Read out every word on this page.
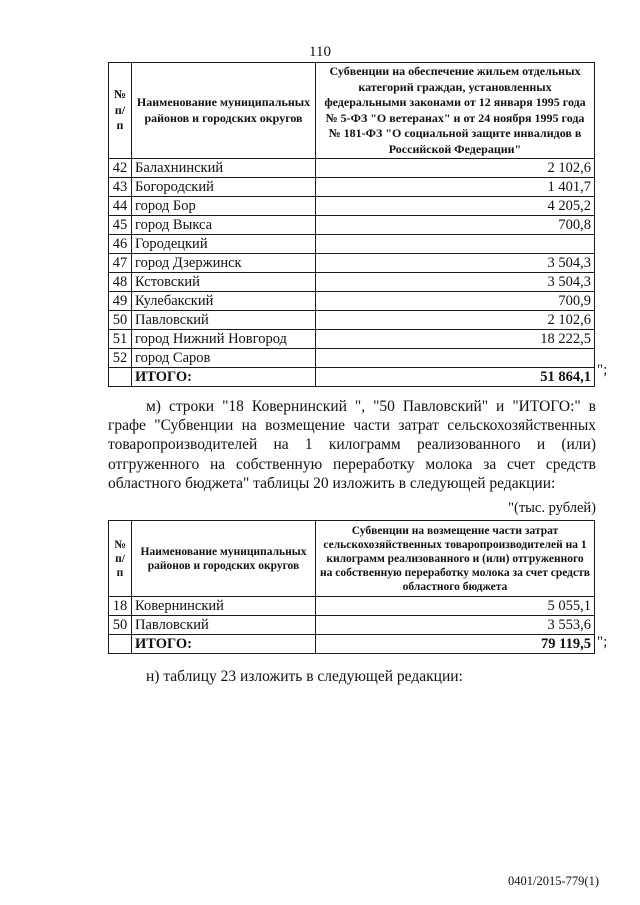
110
№ п/п	Наименование муниципальных районов и городских округов	Субвенции на обеспечение жильем отдельных категорий граждан, установленных федеральными законами от 12 января 1995 года № 5-ФЗ "О ветеранах" и от 24 ноября 1995 года № 181-ФЗ "О социальной защите инвалидов в Российской Федерации"
42	Балахнинский	2 102,6
43	Богородский	1 401,7
44	город Бор	4 205,2
45	город Выкса	700,8
46	Городецкий	
47	город Дзержинск	3 504,3
48	Кстовский	3 504,3
49	Кулебакский	700,9
50	Павловский	2 102,6
51	город Нижний Новгород	18 222,5
52	город Саров	
	ИТОГО:	51 864,1 ";
м) строки "18 Ковернинский ", "50 Павловский" и "ИТОГО:" в графе "Субвенции на возмещение части затрат сельскохозяйственных товаропроизводителей на 1 килограмм реализованного и (или) отгруженного на собственную переработку молока за счет средств областного бюджета" таблицы 20 изложить в следующей редакции:
"(тыс. рублей)
№ п/п	Наименование муниципальных районов и городских округов	Субвенции на возмещение части затрат сельскохозяйственных товаропроизводителей на 1 килограмм реализованного и (или) отгруженного на собственную переработку молока за счет средств областного бюджета
18	Ковернинский	5 055,1
50	Павловский	3 553,6
	ИТОГО:	79 119,5 ";
н) таблицу 23 изложить в следующей редакции:
0401/2015-779(1)
